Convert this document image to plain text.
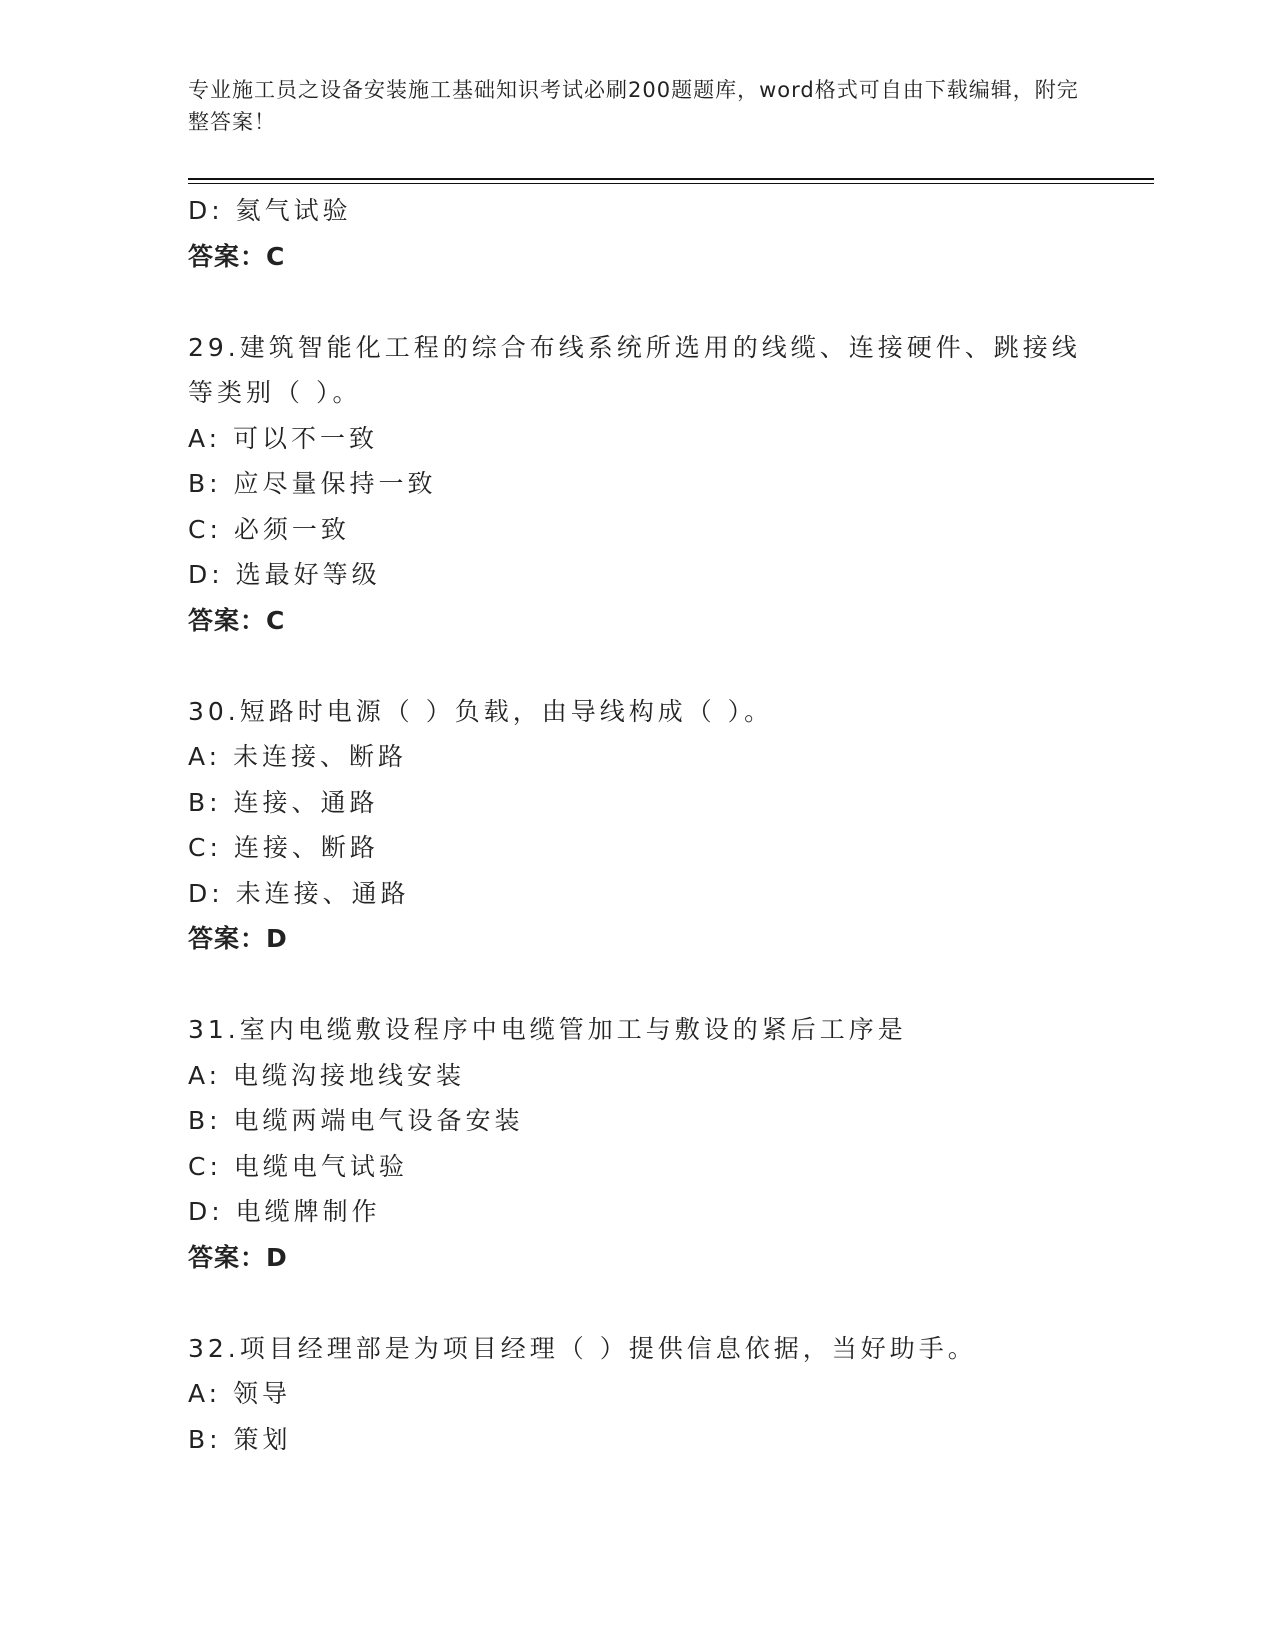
专业施工员之设备安装施工基础知识考试必刷200题题库，word格式可自由下载编辑，附完整答案！
D: 氦气试验
答案：C
29.建筑智能化工程的综合布线系统所选用的线缆、连接硬件、跳接线等类别（ ）。
A: 可以不一致
B: 应尽量保持一致
C: 必须一致
D: 选最好等级
答案：C
30.短路时电源（ ）负载，由导线构成（ ）。
A: 未连接、断路
B: 连接、通路
C: 连接、断路
D: 未连接、通路
答案：D
31.室内电缆敷设程序中电缆管加工与敷设的紧后工序是
A: 电缆沟接地线安装
B: 电缆两端电气设备安装
C: 电缆电气试验
D: 电缆牌制作
答案：D
32.项目经理部是为项目经理（ ）提供信息依据，当好助手。
A: 领导
B: 策划
